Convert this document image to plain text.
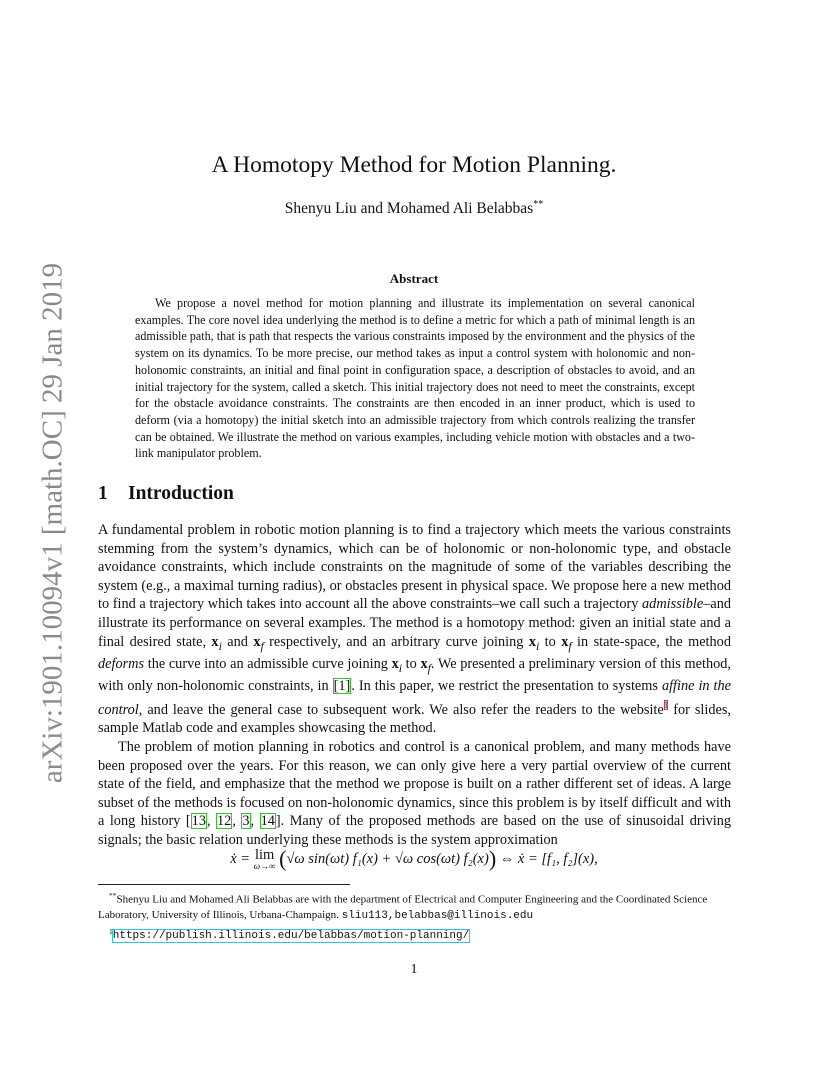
arXiv:1901.10094v1 [math.OC] 29 Jan 2019
A Homotopy Method for Motion Planning.
Shenyu Liu and Mohamed Ali Belabbas**
Abstract
We propose a novel method for motion planning and illustrate its implementation on several canonical examples. The core novel idea underlying the method is to define a metric for which a path of minimal length is an admissible path, that is path that respects the various constraints imposed by the environment and the physics of the system on its dynamics. To be more precise, our method takes as input a control system with holonomic and non-holonomic constraints, an initial and final point in configuration space, a description of obstacles to avoid, and an initial trajectory for the system, called a sketch. This initial trajectory does not need to meet the constraints, except for the obstacle avoidance constraints. The constraints are then encoded in an inner product, which is used to deform (via a homotopy) the initial sketch into an admissible trajectory from which controls realizing the transfer can be obtained. We illustrate the method on various examples, including vehicle motion with obstacles and a two-link manipulator problem.
1 Introduction

A fundamental problem in robotic motion planning is to find a trajectory which meets the various constraints stemming from the system’s dynamics, which can be of holonomic or non-holonomic type, and obstacle avoidance constraints, which include constraints on the magnitude of some of the variables describing the system (e.g., a maximal turning radius), or obstacles present in physical space. We propose here a new method to find a trajectory which takes into account all the above constraints–we call such a trajectory admissible–and illustrate its performance on several examples. The method is a homotopy method: given an initial state and a final desired state, $x_i$ and $x_f$ respectively, and an arbitrary curve joining $x_i$ to $x_f$ in state-space, the method deforms the curve into an admissible curve joining $x_i$ to $x_f$. We presented a preliminary version of this method, with only non-holonomic constraints, in [1]. In this paper, we restrict the presentation to systems affine in the control, and leave the general case to subsequent work. We also refer the readers to the website$^1$ for slides, sample Matlab code and examples showcasing the method.

The problem of motion planning in robotics and control is a canonical problem, and many methods have been proposed over the years. For this reason, we can only give here a very partial overview of the current state of the field, and emphasize that the method we propose is built on a rather different set of ideas. A large subset of the methods is focused on non-holonomic dynamics, since this problem is by itself difficult and with a long history [13, 12, 3, 14]. Many of the proposed methods are based on the use of sinusoidal driving signals; the basic relation underlying these methods is the system approximation

ẋ = lim
ω→∞ (√ω sin(ωt) f₁(x) + √ω cos(ωt) f₂(x)) ⇔ ẋ = [f₁, f₂](x),

**Shenyu Liu and Mohamed Ali Belabbas are with the department of Electrical and Computer Engineering and the Coordinated Science Laboratory, University of Illinois, Urbana-Champaign. sliu113,belabbas@illinois.edu

$^1$https://publish.illinois.edu/belabbas/motion-planning/

1
